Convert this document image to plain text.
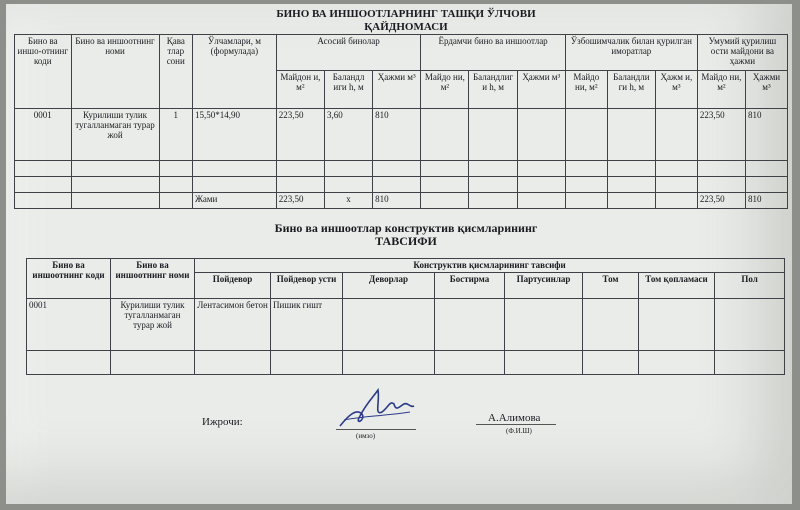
БИНО ВА ИНШООТЛАРНИНГ ТАШҚИ ЎЛЧОВИ
ҚАЙДНОМАСИ
Бино ва иншо-отнинг коди	Бино ва иншоотнинг номи	Қава тлар сони	Ўлчамлари, м (формулада)	Асосий бинолар			Ёрдамчи бино ва иншоотлар			Ўзбошимчалик билан қурилган иморатлар			Умумий қурилиш ости майдони ва ҳажми	
				Майдон и, м²	Баландл иги h, м	Ҳажми м³	Майдо ни, м²	Баландлиг и h, м	Ҳажми м³	Майдо ни, м²	Баландли ги h, м	Ҳажм и, м³	Майдо ни, м²	Ҳажми м³
0001	Курилиши тулик тугалланмаган турар жой	1	15,50*14,90	223,50	3,60	810							223,50	810

			Жами	223,50	x	810							223,50	810
Бино ва иншоотлар конструктив қисмларининг
ТАВСИФИ
Бино ва иншоотнинг коди	Бино ва иншоотнинг номи	Конструктив қисмларининг тавсифи							
		Пойдевор	Пойдевор усти	Деворлар	Бостирма	Партусинлар	Том	Том қопламаси	Пол
0001	Курилиши тулик тугалланмаган турар жой	Лентасимон бетон	Пишик гишт						

Ижрочи:
(имзо)
А.Алимова
(Ф.И.Ш)
